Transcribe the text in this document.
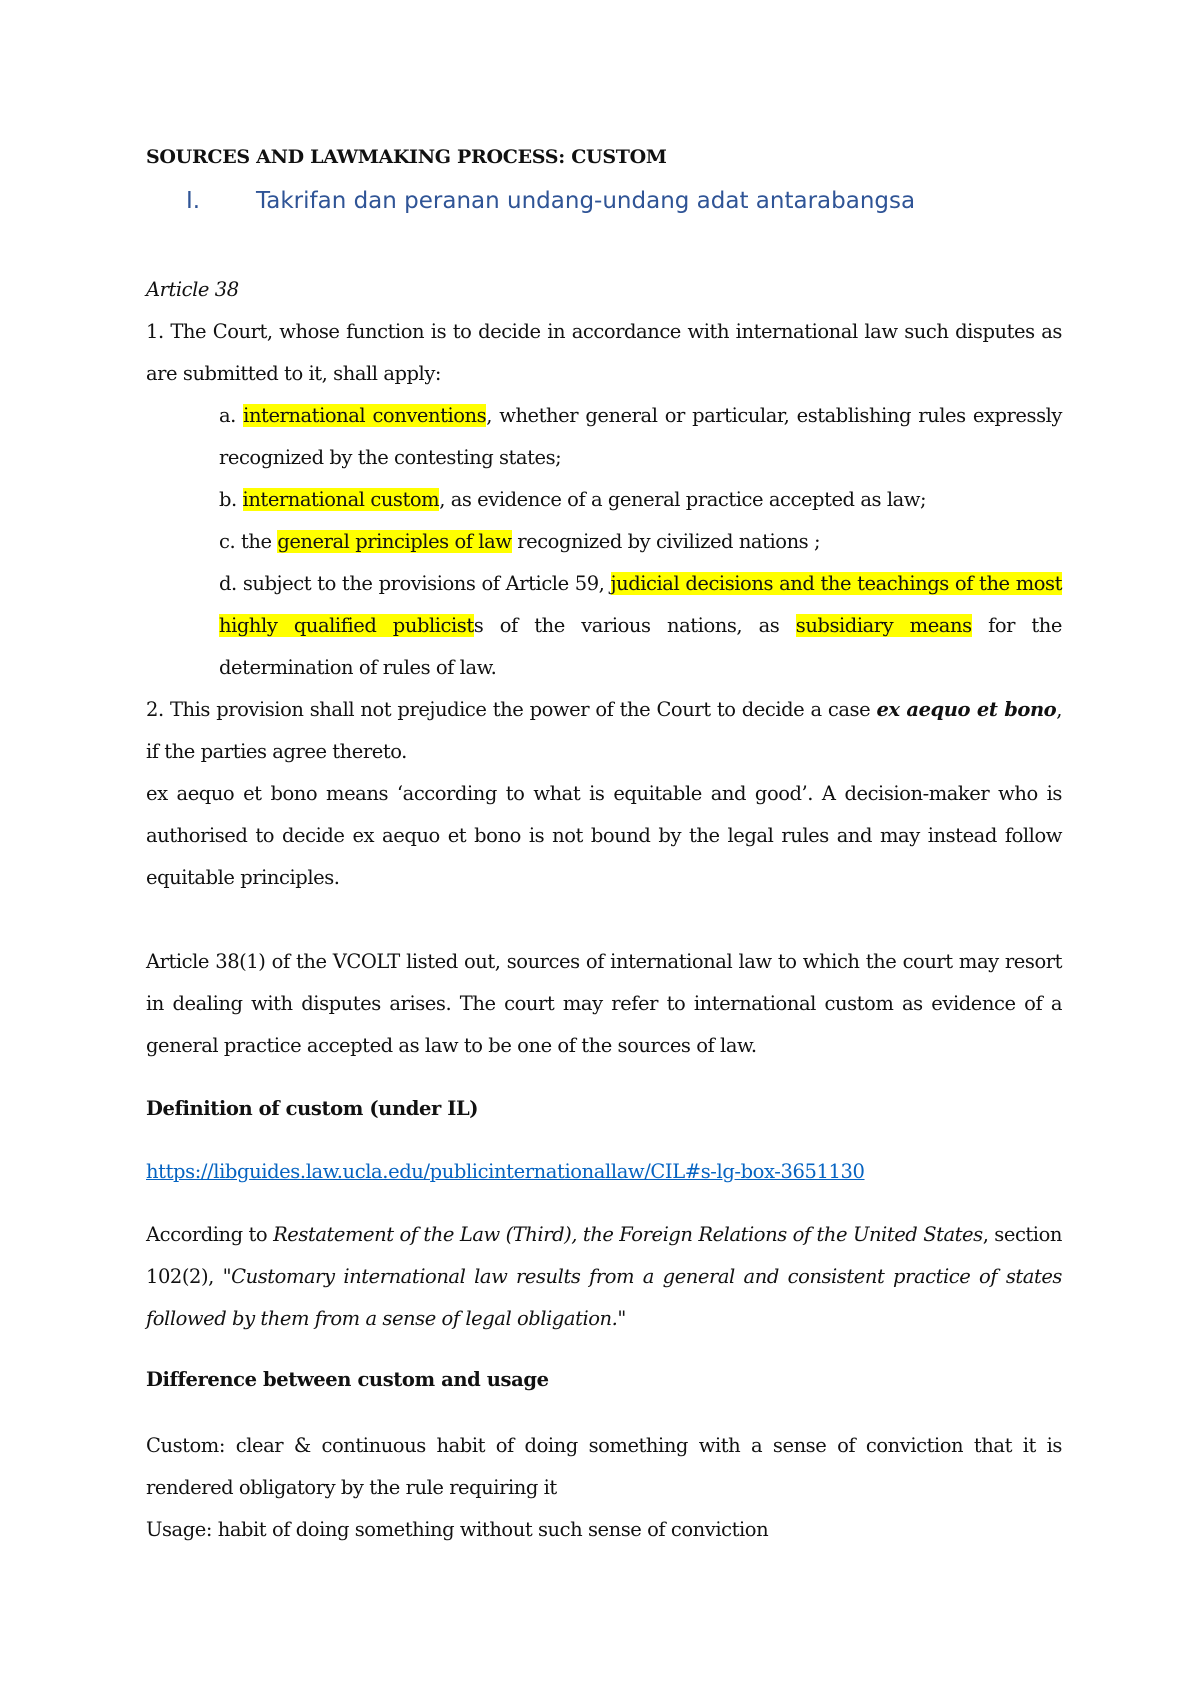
SOURCES AND LAWMAKING PROCESS: CUSTOM
I. Takrifan dan peranan undang-undang adat antarabangsa

Article 38

1. The Court, whose function is to decide in accordance with international law such disputes as are submitted to it, shall apply:

a. international conventions, whether general or particular, establishing rules expressly recognized by the contesting states;

b. international custom, as evidence of a general practice accepted as law;

c. the general principles of law recognized by civilized nations ;

d. subject to the provisions of Article 59, judicial decisions and the teachings of the most highly qualified publicists of the various nations, as subsidiary means for the determination of rules of law.

2. This provision shall not prejudice the power of the Court to decide a case ex aequo et bono, if the parties agree thereto.

ex aequo et bono means ‘according to what is equitable and good’. A decision-maker who is authorised to decide ex aequo et bono is not bound by the legal rules and may instead follow equitable principles.

Article 38(1) of the VCOLT listed out, sources of international law to which the court may resort in dealing with disputes arises. The court may refer to international custom as evidence of a general practice accepted as law to be one of the sources of law.

Definition of custom (under IL)
https://libguides.law.ucla.edu/publicinternationallaw/CIL#s-lg-box-3651130

According to Restatement of the Law (Third), the Foreign Relations of the United States, section 102(2), "Customary international law results from a general and consistent practice of states followed by them from a sense of legal obligation."

Difference between custom and usage

Custom: clear & continuous habit of doing something with a sense of conviction that it is rendered obligatory by the rule requiring it

Usage: habit of doing something without such sense of conviction
